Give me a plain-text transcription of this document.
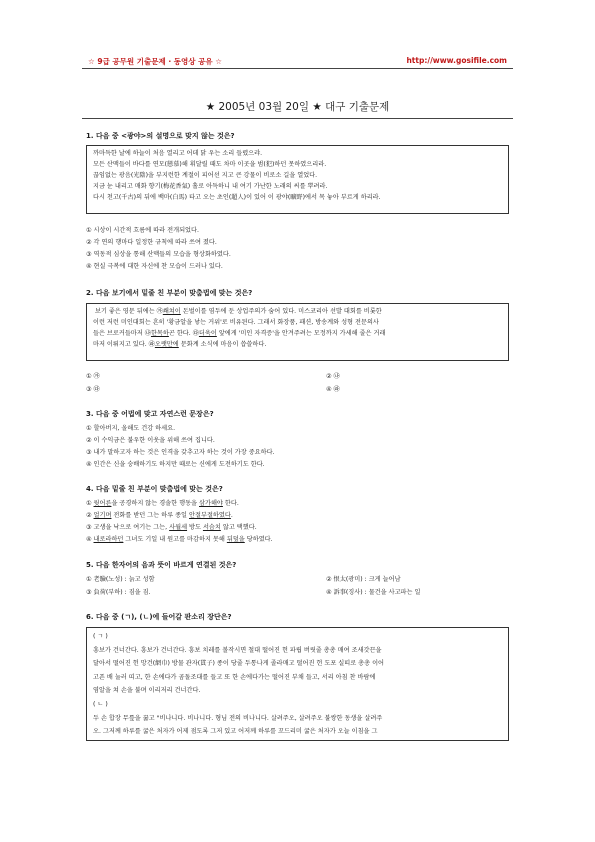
☆ 9급 공무원 기출문제 · 동영상 공유 ☆	http://www.gosifile.com
★ 2005년 03월 20일 ★ 대구 기출문제
1. 다음 중 <광야>의 설명으로 맞지 않는 것은?
까마득한 날에 하늘이 처음 열리고 어데 닭 우는 소리 들렸으랴.
모든 산맥들이 바다를 연모(戀慕)해 휘달릴 때도 차마 이곳을 범(犯)하던 못하였으리라.
끊임없는 광음(光陰)을 부지런한 계절이 피어선 지고 큰 강물이 비로소 길을 열었다.
지금 눈 내리고 매화 향기(梅花香氣) 홀로 아득하니 내 여기 가난한 노래의 씨를 뿌려라.
다시 천고(千古)의 뒤에 백마(白馬) 타고 오는 초인(超人)이 있어 이 광야(曠野)에서 목 놓아 부르게 하리라.
① 시상이 시간적 흐름에 따라 전개되었다.
② 각 연의 행마다 일정한 규칙에 따라 쓰여 졌다.
③ 역동적 심상을 통해 산맥들의 모습을 형상화하였다.
④ 현실 극복에 대한 자신에 찬 모습이 드러나 있다.
2. 다음 보기에서 밑줄 친 부분이 맞춤법에 맞는 것은?
보기 좋은 영문 뒤에는 ㉮쐐쳐이 돈벌이를 염두에 둔 상업주의가 숨어 있다. 미스코리아 선발 대회를 비롯한
이런 저런 미인대회는 흔히 '황금알을 낳는 거위'로 비유된다. 그래서 화장품, 패션, 방송계와 성형 전문의사
들은 브로커들마저 ㉯한목하곤 한다. ㉰더욱이 앞에게 '미인 자격증'을 안겨주려는 모정까지 가세해 줄은 거래
마저 이뤄지고 있다. ㉱오랫만에 문화계 소식에 마음이 씁쓸하다.
① ㉮	② ㉯
③ ㉰	④ ㉱
3. 다음 중 어법에 맞고 자연스런 문장은?
① 할아버지, 올해도 건강 하세요.
② 이 수익금은 불우한 이웃을 위해 쓰여 집니다.
③ 내가 말하고자 하는 것은 인격을 갖추고자 하는 것이 가장 중요하다.
④ 인간은 신을 숭배하기도 하지만 때로는 신에게 도전하기도 한다.
4. 다음 밑줄 친 부분이 맞춤법에 맞는 것은?
① 윗어른을 공경하지 않는 경솔한 행동을 삼가해야 한다.
② 얼기며 전화를 받던 그는 하루 종일 안절부절하였다.
③ 고생을 낙으로 여기는 그는, 사월세 방도 서슴치 않고 택했다.
④ 내로라하던 그녀도 기일 내 원고를 마감하지 못해 뒤덮을 당하였다.
5. 다음 한자어의 음과 뜻이 바르게 연결된 것은?
① 老驗(노성) : 늙고 성함	② 恨太(광미) : 크게 늘어남
③ 負荷(부하) : 짐을 짐.	④ 訴事(징사) : 물건을 사고파는 일
6. 다음 중 (ㄱ), (ㄴ)에 들어갈 판소리 장단은?
( ㄱ )
흥보가 건너간다. 흥보가 건너간다. 흥보 치레를 볼작시면 철대 떨어진 헌 파립 버릿줄 총총 매여 조새갓끈을
달아서 떨어진 헌 망건(網巾) 방물 관자(貫子) 종이 당줄 두통나게 졸라매고 떨어진 헌 도포 실띠로 총총 이어
고픈 배 눌러 띠고, 한 손에다가 곰돌조대를 들고 또 한 손에다가는 떨어진 부채 들고, 서리 아침 찬 바람에
염알을 쳐 손을 불며 이리저리 건너간다.
( ㄴ )
두 손 합장 무릎을 꿇고 "비나니다. 비나니다. 형님 전의 비나니다. 살려주오, 살려주오 불쌍한 동생을 살려주
오. 그저께 하루를 굶은 처자가 어제 점도록 그저 있고 어저께 하루를 꼬드리미 굶은 처자가 오늘 이침을 그
